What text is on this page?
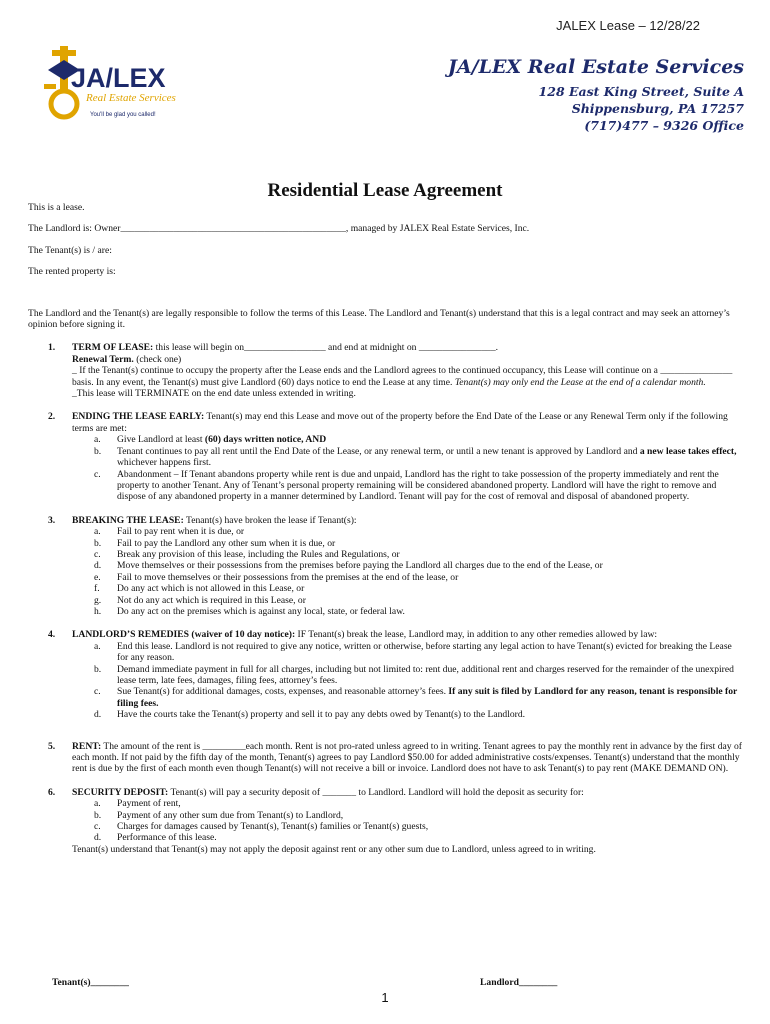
JALEX Lease – 12/28/22
JA/LEX
Real Estate Services
You'll be glad you called!
JA/LEX Real Estate Services
128 East King Street, Suite A
Shippensburg, PA 17257
(717)477 – 9326 Office
Residential Lease Agreement

This is a lease.

The Landlord is: Owner_______________________________________________, managed by JALEX Real Estate Services, Inc.

The Tenant(s) is / are:

The rented property is:

The Landlord and the Tenant(s) are legally responsible to follow the terms of this Lease. The Landlord and Tenant(s) understand that this is a legal contract and may seek an attorney’s opinion before signing it.

1.	TERM OF LEASE: this lease will begin on_________________ and end at midnight on ________________.
Renewal Term. (check one)
_ If the Tenant(s) continue to occupy the property after the Lease ends and the Landlord agrees to the continued occupancy, this Lease will continue on a _______________ basis. In any event, the Tenant(s) must give Landlord (60) days notice to end the Lease at any time. Tenant(s) may only end the Lease at the end of a calendar month.
_This lease will TERMINATE on the end date unless extended in writing.
2.	ENDING THE LEASE EARLY: Tenant(s) may end this Lease and move out of the property before the End Date of the Lease or any Renewal Term only if the following terms are met:
a.	Give Landlord at least (60) days written notice, AND
b.	Tenant continues to pay all rent until the End Date of the Lease, or any renewal term, or until a new tenant is approved by Landlord and a new lease takes effect, whichever happens first.
c.	Abandonment – If Tenant abandons property while rent is due and unpaid, Landlord has the right to take possession of the property immediately and rent the property to another Tenant. Any of Tenant’s personal property remaining will be considered abandoned property. Landlord will have the right to remove and dispose of any abandoned property in a manner determined by Landlord. Tenant will pay for the cost of removal and disposal of abandoned property.
3.	BREAKING THE LEASE: Tenant(s) have broken the lease if Tenant(s):
a.	Fail to pay rent when it is due, or
b.	Fail to pay the Landlord any other sum when it is due, or
c.	Break any provision of this lease, including the Rules and Regulations, or
d.	Move themselves or their possessions from the premises before paying the Landlord all charges due to the end of the Lease, or
e.	Fail to move themselves or their possessions from the premises at the end of the lease, or
f.	Do any act which is not allowed in this Lease, or
g.	Not do any act which is required in this Lease, or
h.	Do any act on the premises which is against any local, state, or federal law.
4.	LANDLORD’S REMEDIES (waiver of 10 day notice): IF Tenant(s) break the lease, Landlord may, in addition to any other remedies allowed by law:
a.	End this lease. Landlord is not required to give any notice, written or otherwise, before starting any legal action to have Tenant(s) evicted for breaking the Lease for any reason.
b.	Demand immediate payment in full for all charges, including but not limited to: rent due, additional rent and charges reserved for the remainder of the unexpired lease term, late fees, damages, filing fees, attorney’s fees.
c.	Sue Tenant(s) for additional damages, costs, expenses, and reasonable attorney’s fees. If any suit is filed by Landlord for any reason, tenant is responsible for filing fees.
d.	Have the courts take the Tenant(s) property and sell it to pay any debts owed by Tenant(s) to the Landlord.
5.	RENT: The amount of the rent is _________each month. Rent is not pro-rated unless agreed to in writing. Tenant agrees to pay the monthly rent in advance by the first day of each month. If not paid by the fifth day of the month, Tenant(s) agrees to pay Landlord $50.00 for added administrative costs/expenses. Tenant(s) understand that the monthly rent is due by the first of each month even though Tenant(s) will not receive a bill or invoice. Landlord does not have to ask Tenant(s) to pay rent (MAKE DEMAND ON).
6.	SECURITY DEPOSIT: Tenant(s) will pay a security deposit of _______ to Landlord. Landlord will hold the deposit as security for:
a.	Payment of rent,
b.	Payment of any other sum due from Tenant(s) to Landlord,
c.	Charges for damages caused by Tenant(s), Tenant(s) families or Tenant(s) guests,
d.	Performance of this lease.
Tenant(s) understand that Tenant(s) may not apply the deposit against rent or any other sum due to Landlord, unless agreed to in writing.
Tenant(s)________	Landlord________
1
